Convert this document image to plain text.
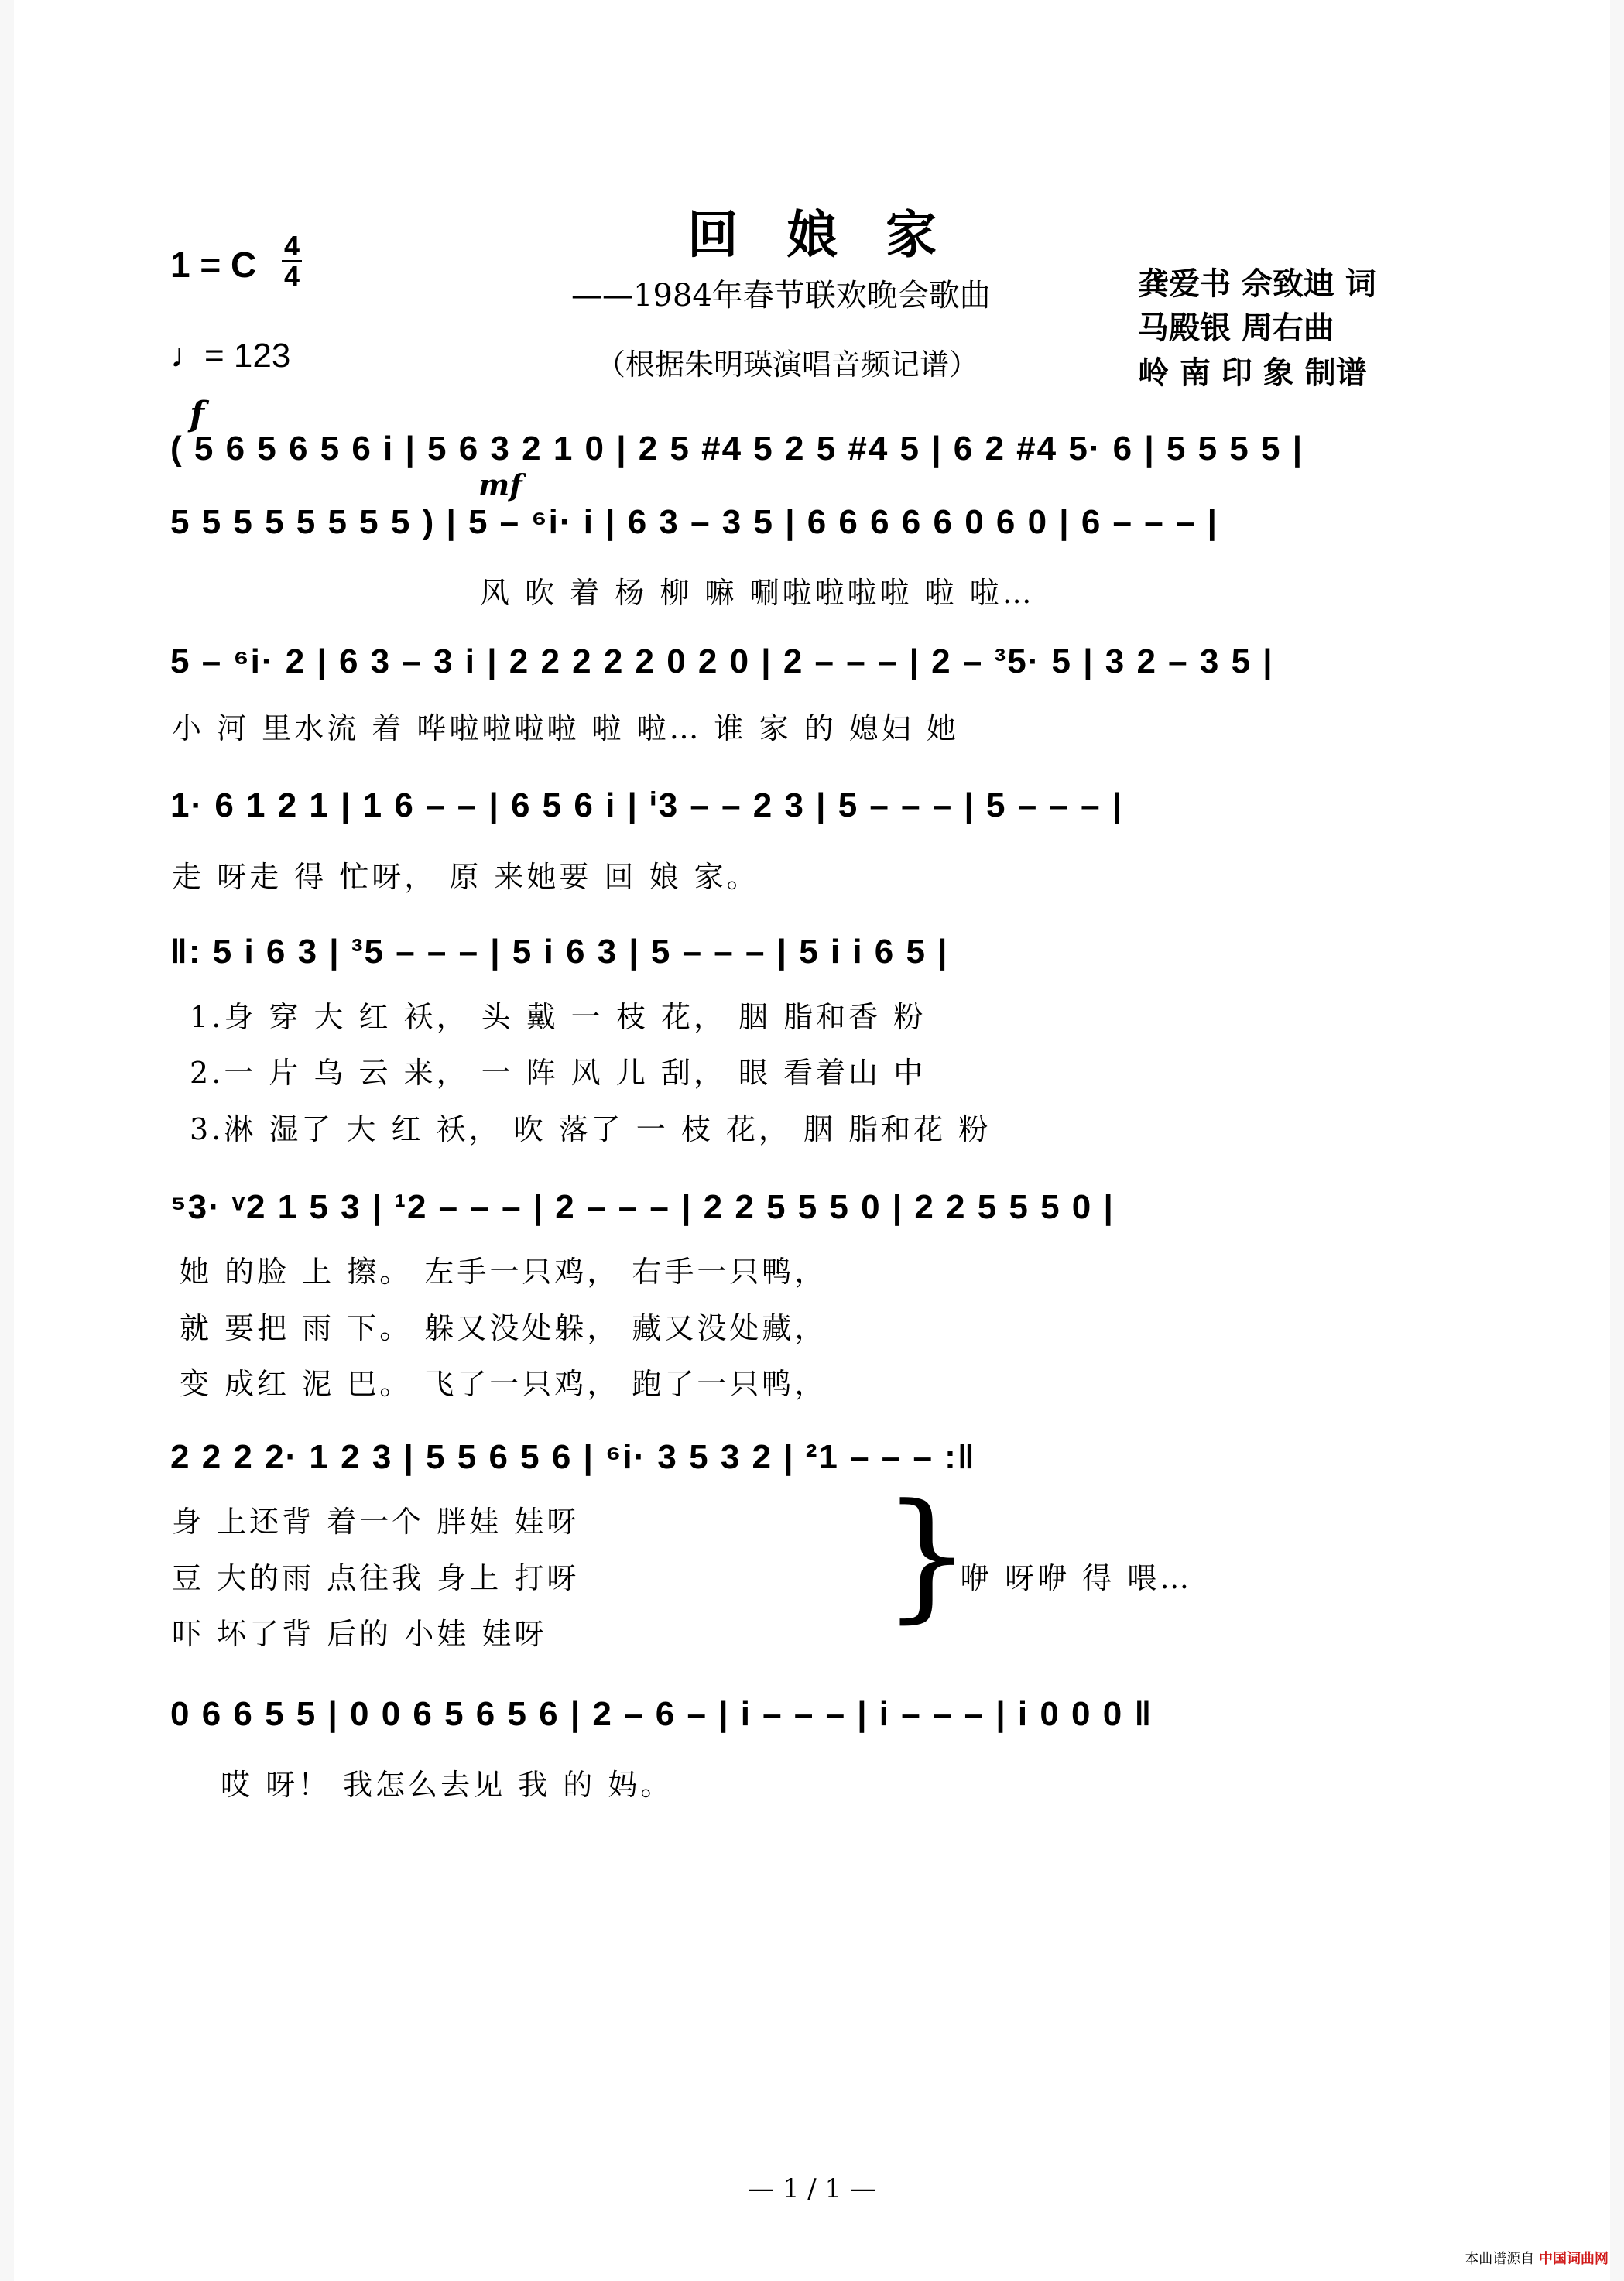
回娘家
——1984年春节联欢晚会歌曲
（根据朱明瑛演唱音频记谱）
龚爱书 佘致迪 词
马殿银 周右曲
岭 南 印 象 制谱
1 = C 4
4
♩= 123
f
mf
( 5 6 5 6 5 6 i | 5 6 3 2 1 0 | 2 5 #4 5 2 5 #4 5 | 6 2 #4 5· 6 | 5 5 5 5 |
5 5 5 5 5 5 5 5 ) | 5 – ⁶i· i | 6 3 – 3 5 | 6 6 6 6 6 0 6 0 | 6 – – – |
风 吹 着 杨 柳 嘛 唰啦啦啦啦 啦 啦…
5 – ⁶i· 2 | 6 3 – 3 i | 2 2 2 2 2 0 2 0 | 2 – – – | 2 – ³5· 5 | 3 2 – 3 5 |
小 河 里水流 着 哗啦啦啦啦 啦 啦… 谁 家 的 媳妇 她
1· 6 1 2 1 | 1 6 – – | 6 5 6 i | ⁱ3 – – 2 3 | 5 – – – | 5 – – – |
走 呀走 得 忙呀， 原 来她要 回 娘 家。
‖: 5 i 6 3 | ³5 – – – | 5 i 6 3 | 5 – – – | 5 i i 6 5 |
1.身 穿 大 红 袄， 头 戴 一 枝 花， 胭 脂和香 粉
2.一 片 乌 云 来， 一 阵 风 儿 刮， 眼 看着山 中
3.淋 湿了 大 红 袄， 吹 落了 一 枝 花， 胭 脂和花 粉
⁵3· ᵛ2 1 5 3 | ¹2 – – – | 2 – – – | 2 2 5 5 5 0 | 2 2 5 5 5 0 |
她 的脸 上 擦。 左手一只鸡， 右手一只鸭，
就 要把 雨 下。 躲又没处躲， 藏又没处藏，
变 成红 泥 巴。 飞了一只鸡， 跑了一只鸭，
2 2 2 2· 1 2 3 | 5 5 6 5 6 | ⁶i· 3 5 3 2 | ²1 – – – :‖
身 上还背 着一个 胖娃 娃呀
豆 大的雨 点往我 身上 打呀
吓 坏了背 后的 小娃 娃呀 }
咿 呀咿 得 喂…
0 6 6 5 5 | 0 0 6 5 6 5 6 | 2 – 6 – | i – – – | i – – – | i 0 0 0 ‖
哎 呀！ 我怎么去见 我 的 妈。
— 1 / 1 —
本曲谱源自 中国词曲网
